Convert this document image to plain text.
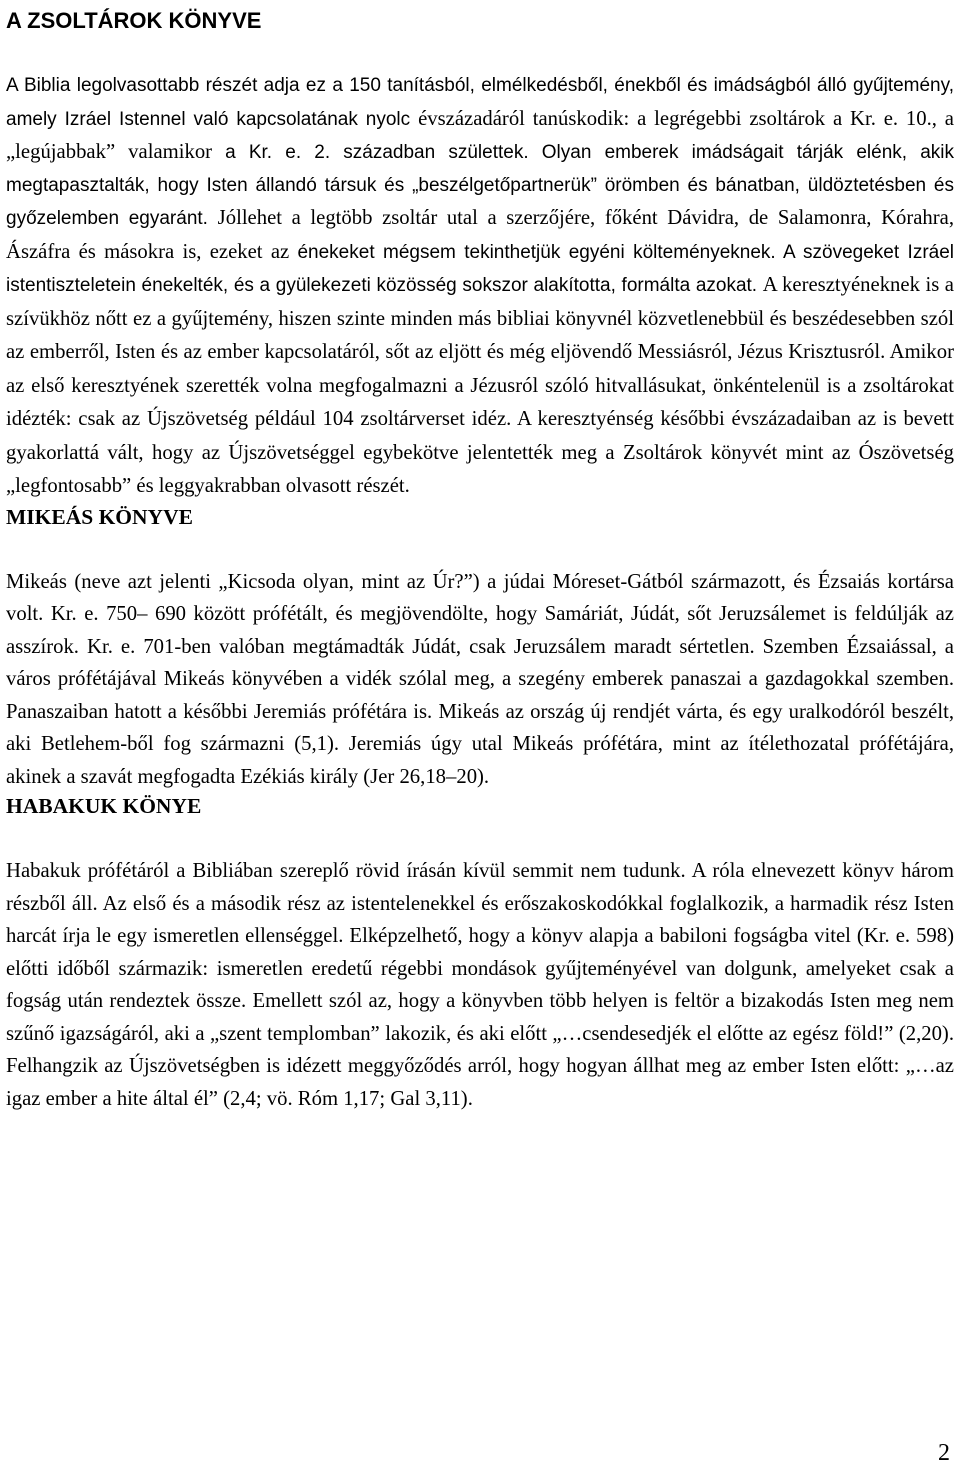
A ZSOLTÁROK KÖNYVE

A Biblia legolvasottabb részét adja ez a 150 tanításból, elmélkedésből, énekből és imádságból álló gyűjtemény, amely Izráel Istennel való kapcsolatának nyolc évszázadáról tanúskodik: a legrégebbi zsoltárok a Kr. e. 10., a „legújabbak” valamikor a Kr. e. 2. században születtek. Olyan emberek imádságait tárják elénk, akik megtapasztalták, hogy Isten állandó társuk és „beszélgetőpartnerük” örömben és bánatban, üldöztetésben és győzelemben egyaránt. Jóllehet a legtöbb zsoltár utal a szerzőjére, főként Dávidra, de Salamonra, Kórahra, Ászáfra és másokra is, ezeket az énekeket mégsem tekinthetjük egyéni költeményeknek. A szövegeket Izráel istentiszteletein énekelték, és a gyülekezeti közösség sokszor alakította, formálta azokat. A keresztyéneknek is a szívükhöz nőtt ez a gyűjtemény, hiszen szinte minden más bibliai könyvnél közvetlenebbül és beszédesebben szól az emberről, Isten és az ember kapcsolatáról, sőt az eljött és még eljövendő Messiásról, Jézus Krisztusról. Amikor az első keresztyének szerették volna megfogalmazni a Jézusról szóló hitvallásukat, önkéntelenül is a zsoltárokat idézték: csak az Újszövetség például 104 zsoltárverset idéz. A keresztyénség későbbi évszázadaiban az is bevett gyakorlattá vált, hogy az Újszövetséggel egybekötve jelentették meg a Zsoltárok könyvét mint az Ószövetség „legfontosabb” és leggyakrabban olvasott részét.

MIKEÁS KÖNYVE

Mikeás (neve azt jelenti „Kicsoda olyan, mint az Úr?”) a júdai Móreset-Gátból származott, és Ézsaiás kortársa volt. Kr. e. 750– 690 között prófétált, és megjövendölte, hogy Samáriát, Júdát, sőt Jeruzsálemet is feldúlják az asszírok. Kr. e. 701-ben valóban megtámadták Júdát, csak Jeruzsálem maradt sértetlen. Szemben Ézsaiással, a város prófétájával Mikeás könyvében a vidék szólal meg, a szegény emberek panaszai a gazdagokkal szemben. Panaszaiban hatott a későbbi Jeremiás prófétára is. Mikeás az ország új rendjét várta, és egy uralkodóról beszélt, aki Betlehem-ből fog származni (5,1). Jeremiás úgy utal Mikeás prófétára, mint az ítélethozatal prófétájára, akinek a szavát megfogadta Ezékiás király (Jer 26,18–20).

HABAKUK KÖNYE

Habakuk prófétáról a Bibliában szereplő rövid írásán kívül semmit nem tudunk. A róla elnevezett könyv három részből áll. Az első és a második rész az istentelenekkel és erőszakoskodókkal foglalkozik, a harmadik rész Isten harcát írja le egy ismeretlen ellenséggel. Elképzelhető, hogy a könyv alapja a babiloni fogságba vitel (Kr. e. 598) előtti időből származik: ismeretlen eredetű régebbi mondások gyűjteményével van dolgunk, amelyeket csak a fogság után rendeztek össze. Emellett szól az, hogy a könyvben több helyen is feltör a bizakodás Isten meg nem szűnő igazságáról, aki a „szent templomban” lakozik, és aki előtt „…csendesedjék el előtte az egész föld!” (2,20). Felhangzik az Újszövetségben is idézett meggyőződés arról, hogy hogyan állhat meg az ember Isten előtt: „…az igaz ember a hite által él” (2,4; vö. Róm 1,17; Gal 3,11).

2
